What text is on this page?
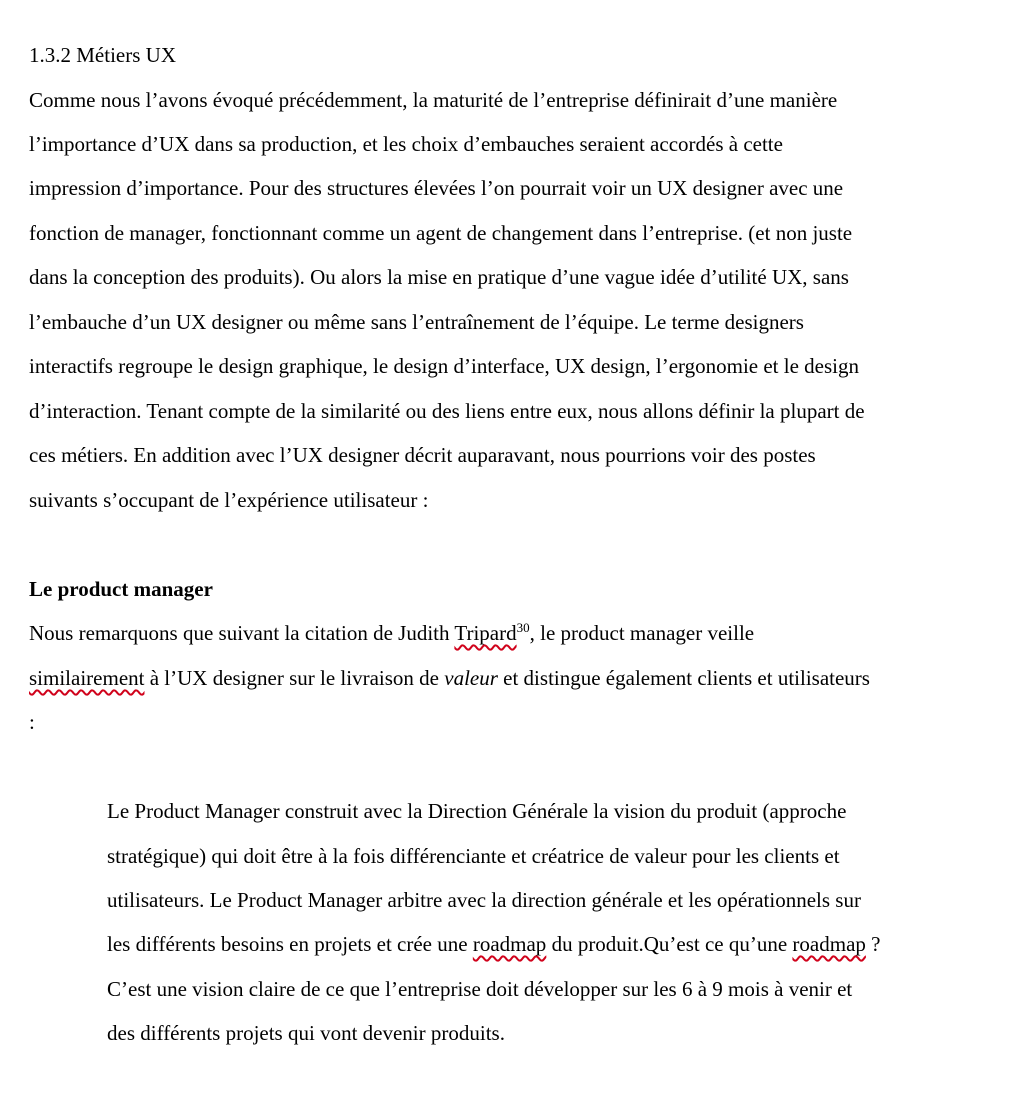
1.3.2 Métiers UX
Comme nous l’avons évoqué précédemment, la maturité de l’entreprise définirait d’une manière
l’importance d’UX dans sa production, et les choix d’embauches seraient accordés à cette
impression d’importance. Pour des structures élevées l’on pourrait voir un UX designer avec une
fonction de manager, fonctionnant comme un agent de changement dans l’entreprise. (et non juste
dans la conception des produits). Ou alors la mise en pratique d’une vague idée d’utilité UX, sans
l’embauche d’un UX designer ou même sans l’entraînement de l’équipe. Le terme designers
interactifs regroupe le design graphique, le design d’interface, UX design, l’ergonomie et le design
d’interaction. Tenant compte de la similarité ou des liens entre eux, nous allons définir la plupart de
ces métiers. En addition avec l’UX designer décrit auparavant, nous pourrions voir des postes
suivants s’occupant de l’expérience utilisateur :
Le product manager
Nous remarquons que suivant la citation de Judith Tripard$^{30}$, le product manager veille
similairement à l’UX designer sur le livraison de valeur et distingue également clients et utilisateurs
:
Le Product Manager construit avec la Direction Générale la vision du produit (approche
stratégique) qui doit être à la fois différenciante et créatrice de valeur pour les clients et
utilisateurs. Le Product Manager arbitre avec la direction générale et les opérationnels sur
les différents besoins en projets et crée une roadmap du produit.Qu’est ce qu’une roadmap ?
C’est une vision claire de ce que l’entreprise doit développer sur les 6 à 9 mois à venir et
des différents projets qui vont devenir produits.
